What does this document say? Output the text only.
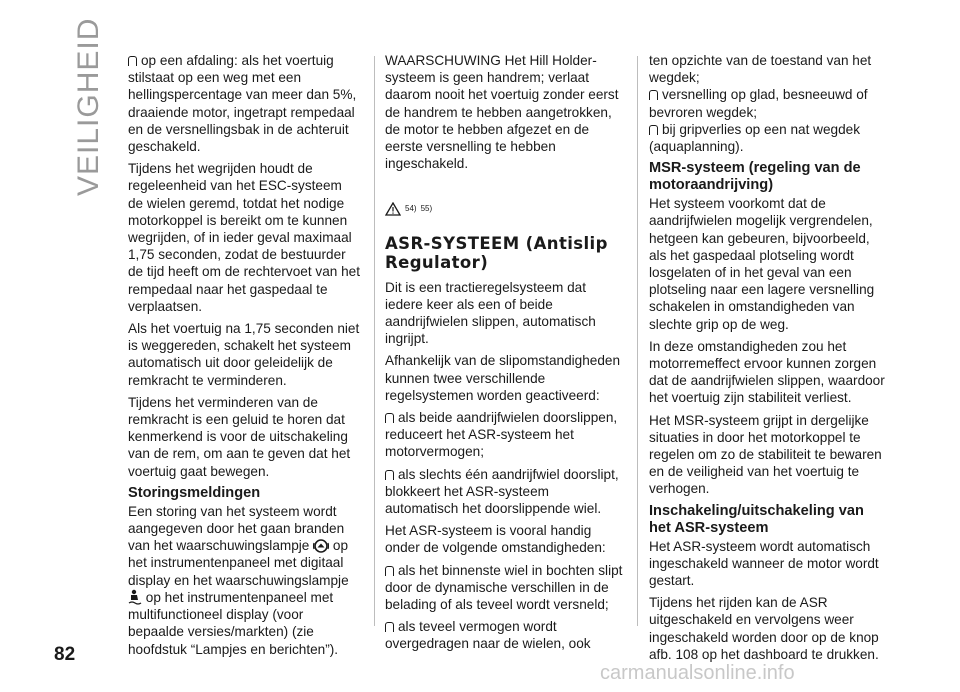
VEILIGHEID	op een afdaling: als het voertuig stilstaat op een weg met een hellingspercentage van meer dan 5%, draaiende motor, ingetrapt rempedaal en de versnellingsbak in de achteruit geschakeld.

Tijdens het wegrijden houdt de regeleenheid van het ESC-systeem de wielen geremd, totdat het nodige motorkoppel is bereikt om te kunnen wegrijden, of in ieder geval maximaal 1,75 seconden, zodat de bestuurder de tijd heeft om de rechtervoet van het rempedaal naar het gaspedaal te verplaatsen.

Als het voertuig na 1,75 seconden niet is weggereden, schakelt het systeem automatisch uit door geleidelijk de remkracht te verminderen.

Tijdens het verminderen van de remkracht is een geluid te horen dat kenmerkend is voor de uitschakeling van de rem, om aan te geven dat het voertuig gaat bewegen.

Storingsmeldingen

Een storing van het systeem wordt aangegeven door het gaan branden van het waarschuwingslampje op het instrumentenpaneel met digitaal display en het waarschuwingslampje  op het instrumentenpaneel met multifunctioneel display (voor bepaalde versies/markten) (zie hoofdstuk “Lampjes en berichten”).

WAARSCHUWING Het Hill Holder-systeem is geen handrem; verlaat daarom nooit het voertuig zonder eerst de handrem te hebben aangetrokken, de motor te hebben afgezet en de eerste versnelling te hebben ingeschakeld.

54) 55)
ASR-SYSTEEM (Antislip Regulator)

Dit is een tractieregelsysteem dat iedere keer als een of beide aandrijfwielen slippen, automatisch ingrijpt.

Afhankelijk van de slipomstandigheden kunnen twee verschillende regelsystemen worden geactiveerd:

als beide aandrijfwielen doorslippen, reduceert het ASR-systeem het motorvermogen;

als slechts één aandrijfwiel doorslipt, blokkeert het ASR-systeem automatisch het doorslippende wiel.

Het ASR-systeem is vooral handig onder de volgende omstandigheden:

als het binnenste wiel in bochten slipt door de dynamische verschillen in de belading of als teveel wordt versneld;

als teveel vermogen wordt overgedragen naar de wielen, ook

ten opzichte van de toestand van het wegdek;

versnelling op glad, besneeuwd of bevroren wegdek;

bij gripverlies op een nat wegdek (aquaplanning).

MSR-systeem (regeling van de motoraandrijving)

Het systeem voorkomt dat de aandrijfwielen mogelijk vergrendelen, hetgeen kan gebeuren, bijvoorbeeld, als het gaspedaal plotseling wordt losgelaten of in het geval van een plotseling naar een lagere versnelling schakelen in omstandigheden van slechte grip op de weg.

In deze omstandigheden zou het motorremeffect ervoor kunnen zorgen dat de aandrijfwielen slippen, waardoor het voertuig zijn stabiliteit verliest.

Het MSR-systeem grijpt in dergelijke situaties in door het motorkoppel te regelen om zo de stabiliteit te bewaren en de veiligheid van het voertuig te verhogen.

Inschakeling/uitschakeling van het ASR-systeem

Het ASR-systeem wordt automatisch ingeschakeld wanneer de motor wordt gestart.

Tijdens het rijden kan de ASR uitgeschakeld en vervolgens weer ingeschakeld worden door op de knop afb. 108 op het dashboard te drukken.

82
carmanualsonline.info
